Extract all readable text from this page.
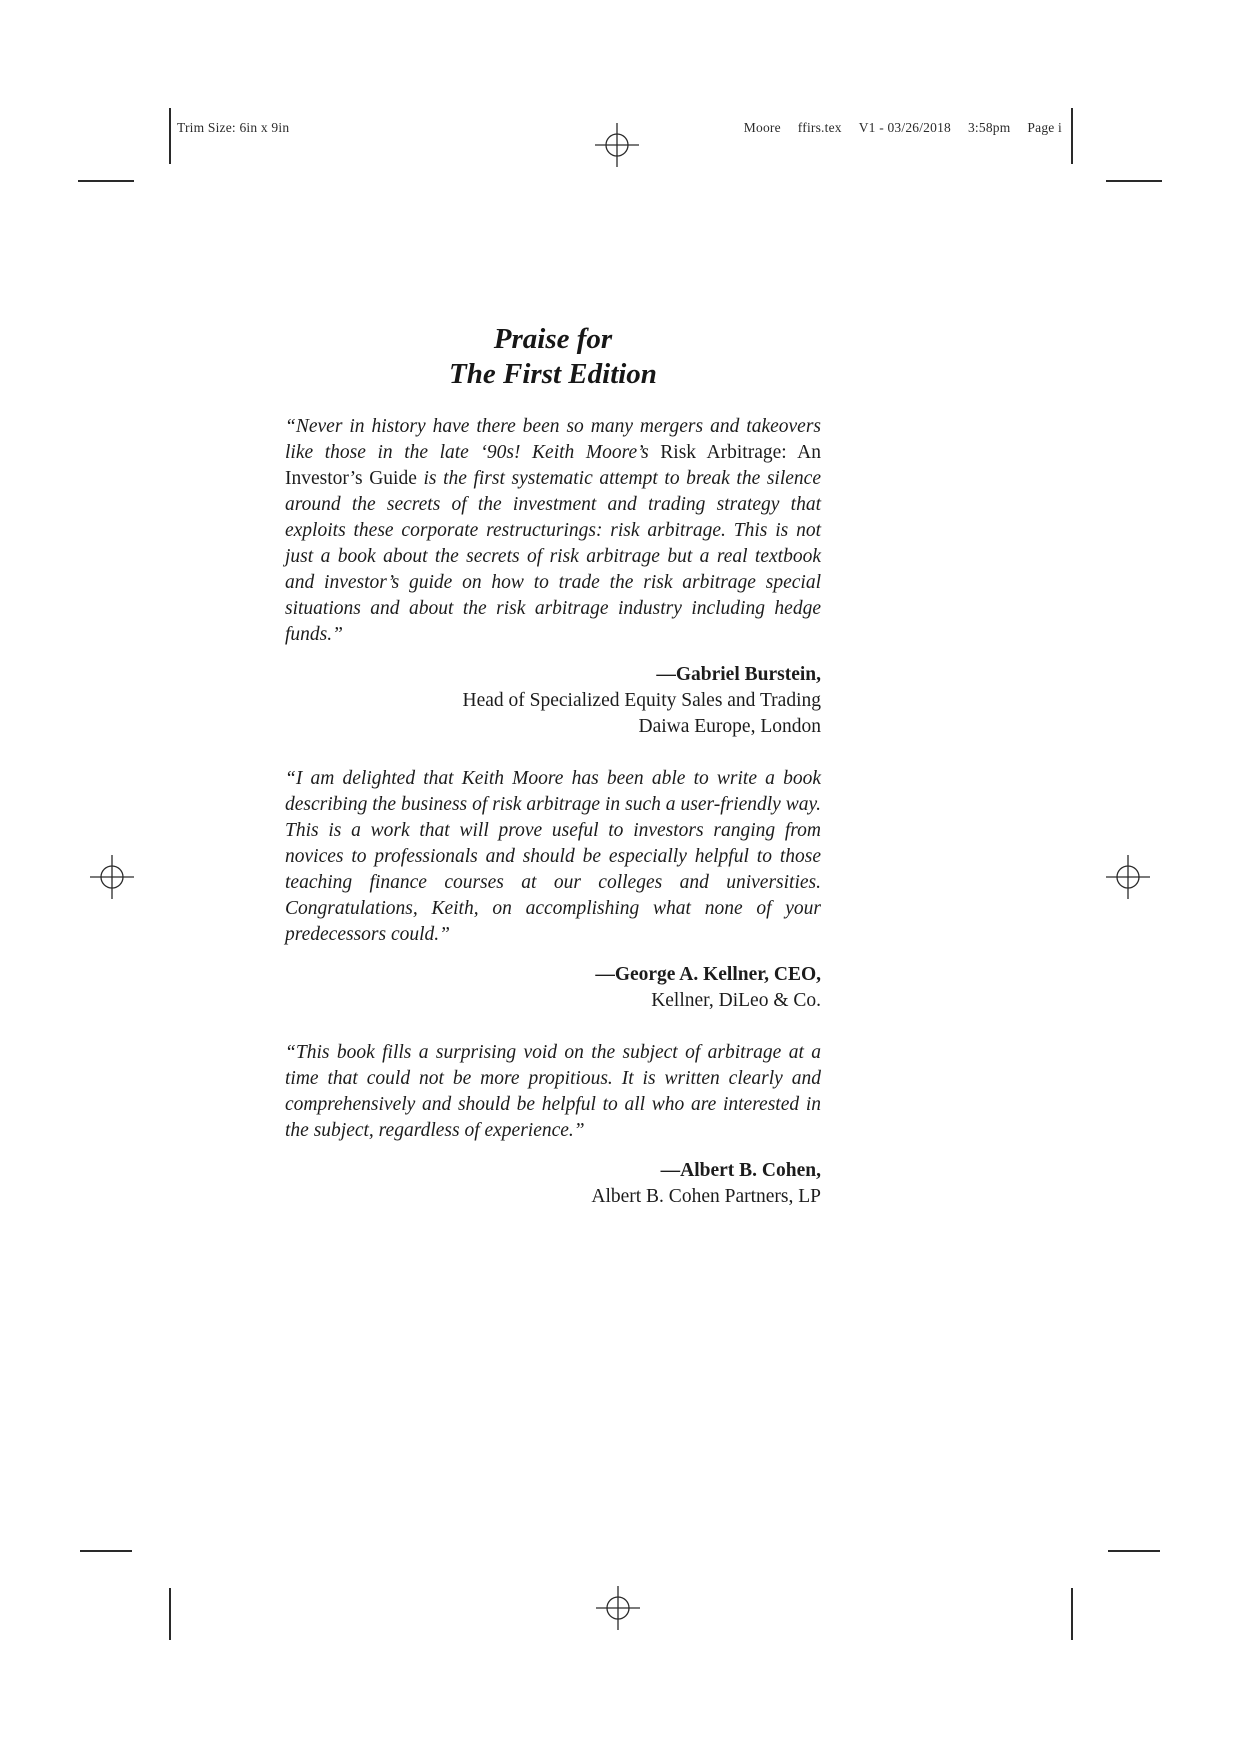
Trim Size: 6in x 9in	Moore ffirs.tex V1 - 03/26/2018 3:58pm Page i
Praise for
The First Edition

“Never in history have there been so many mergers and takeovers like those in the late ‘90s! Keith Moore’s Risk Arbitrage: An Investor’s Guide is the first systematic attempt to break the silence around the secrets of the investment and trading strategy that exploits these corporate restructurings: risk arbitrage. This is not just a book about the secrets of risk arbitrage but a real textbook and investor’s guide on how to trade the risk arbitrage special situations and about the risk arbitrage industry including hedge funds.”

—Gabriel Burstein,
Head of Specialized Equity Sales and Trading
Daiwa Europe, London

“I am delighted that Keith Moore has been able to write a book describing the business of risk arbitrage in such a user-friendly way. This is a work that will prove useful to investors ranging from novices to professionals and should be especially helpful to those teaching finance courses at our colleges and universities. Congratulations, Keith, on accomplishing what none of your predecessors could.”

—George A. Kellner, CEO,
Kellner, DiLeo & Co.

“This book fills a surprising void on the subject of arbitrage at a time that could not be more propitious. It is written clearly and comprehensively and should be helpful to all who are interested in the subject, regardless of experience.”

—Albert B. Cohen,
Albert B. Cohen Partners, LP
